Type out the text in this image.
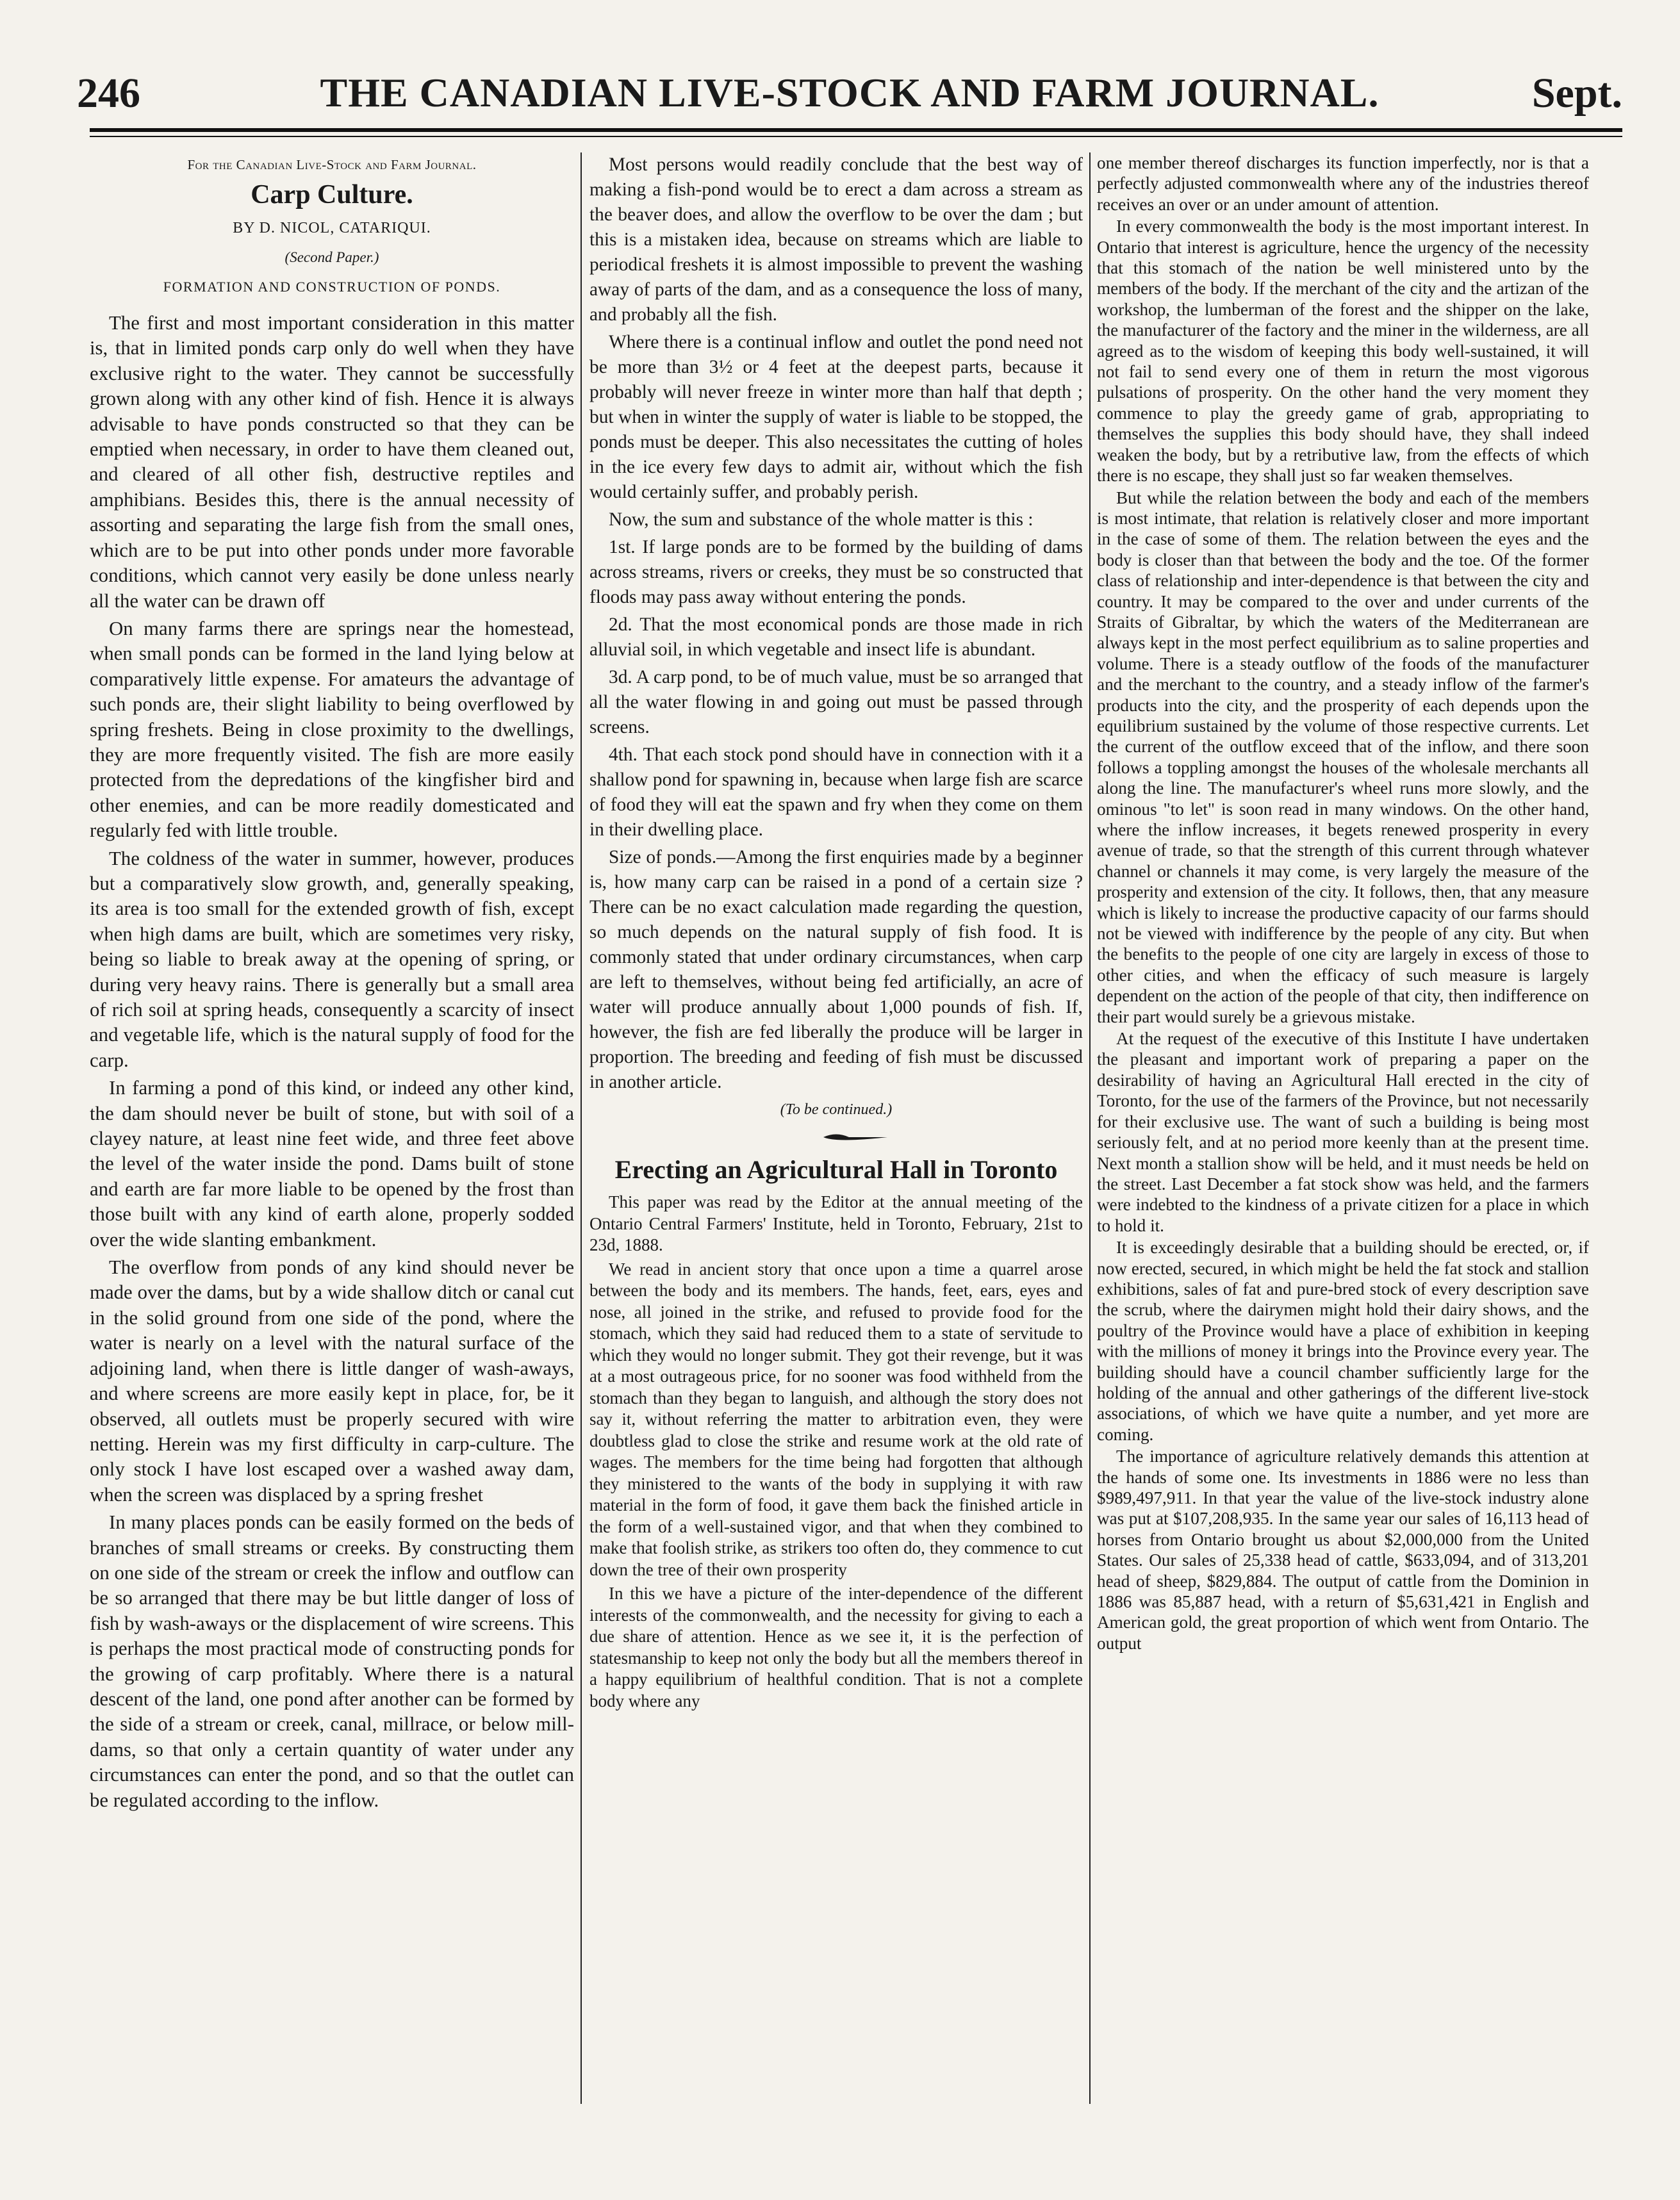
246	THE CANADIAN LIVE-STOCK AND FARM JOURNAL.	Sept.
For the Canadian Live-Stock and Farm Journal.
Carp Culture.
BY D. NICOL, CATARIQUI.
(Second Paper.)
FORMATION AND CONSTRUCTION OF PONDS.

The first and most important consideration in this matter is, that in limited ponds carp only do well when they have exclusive right to the water. They cannot be successfully grown along with any other kind of fish. Hence it is always advisable to have ponds constructed so that they can be emptied when necessary, in order to have them cleaned out, and cleared of all other fish, destructive reptiles and amphibians. Besides this, there is the annual necessity of assorting and separating the large fish from the small ones, which are to be put into other ponds under more favorable conditions, which cannot very easily be done unless nearly all the water can be drawn off

On many farms there are springs near the homestead, when small ponds can be formed in the land lying below at comparatively little expense. For amateurs the advantage of such ponds are, their slight liability to being overflowed by spring freshets. Being in close proximity to the dwellings, they are more frequently visited. The fish are more easily protected from the depredations of the kingfisher bird and other enemies, and can be more readily domesticated and regularly fed with little trouble.

The coldness of the water in summer, however, produces but a comparatively slow growth, and, generally speaking, its area is too small for the extended growth of fish, except when high dams are built, which are sometimes very risky, being so liable to break away at the opening of spring, or during very heavy rains. There is generally but a small area of rich soil at spring heads, consequently a scarcity of insect and vegetable life, which is the natural supply of food for the carp.

In farming a pond of this kind, or indeed any other kind, the dam should never be built of stone, but with soil of a clayey nature, at least nine feet wide, and three feet above the level of the water inside the pond. Dams built of stone and earth are far more liable to be opened by the frost than those built with any kind of earth alone, properly sodded over the wide slanting embankment.

The overflow from ponds of any kind should never be made over the dams, but by a wide shallow ditch or canal cut in the solid ground from one side of the pond, where the water is nearly on a level with the natural surface of the adjoining land, when there is little danger of wash-aways, and where screens are more easily kept in place, for, be it observed, all outlets must be properly secured with wire netting. Herein was my first difficulty in carp-culture. The only stock I have lost escaped over a washed away dam, when the screen was displaced by a spring freshet

In many places ponds can be easily formed on the beds of branches of small streams or creeks. By constructing them on one side of the stream or creek the inflow and outflow can be so arranged that there may be but little danger of loss of fish by wash-aways or the displacement of wire screens. This is perhaps the most practical mode of constructing ponds for the growing of carp profitably. Where there is a natural descent of the land, one pond after another can be formed by the side of a stream or creek, canal, millrace, or below mill-dams, so that only a certain quantity of water under any circumstances can enter the pond, and so that the outlet can be regulated according to the inflow.

Most persons would readily conclude that the best way of making a fish-pond would be to erect a dam across a stream as the beaver does, and allow the overflow to be over the dam ; but this is a mistaken idea, because on streams which are liable to periodical freshets it is almost impossible to prevent the washing away of parts of the dam, and as a consequence the loss of many, and probably all the fish.

Where there is a continual inflow and outlet the pond need not be more than 3½ or 4 feet at the deepest parts, because it probably will never freeze in winter more than half that depth ; but when in winter the supply of water is liable to be stopped, the ponds must be deeper. This also necessitates the cutting of holes in the ice every few days to admit air, without which the fish would certainly suffer, and probably perish.

Now, the sum and substance of the whole matter is this :

1st. If large ponds are to be formed by the building of dams across streams, rivers or creeks, they must be so constructed that floods may pass away without entering the ponds.

2d. That the most economical ponds are those made in rich alluvial soil, in which vegetable and insect life is abundant.

3d. A carp pond, to be of much value, must be so arranged that all the water flowing in and going out must be passed through screens.

4th. That each stock pond should have in connection with it a shallow pond for spawning in, because when large fish are scarce of food they will eat the spawn and fry when they come on them in their dwelling place.

Size of ponds.—Among the first enquiries made by a beginner is, how many carp can be raised in a pond of a certain size ? There can be no exact calculation made regarding the question, so much depends on the natural supply of fish food. It is commonly stated that under ordinary circumstances, when carp are left to themselves, without being fed artificially, an acre of water will produce annually about 1,000 pounds of fish. If, however, the fish are fed liberally the produce will be larger in proportion. The breeding and feeding of fish must be discussed in another article.

(To be continued.)
Erecting an Agricultural Hall in Toronto

This paper was read by the Editor at the annual meeting of the Ontario Central Farmers' Institute, held in Toronto, February, 21st to 23d, 1888.

We read in ancient story that once upon a time a quarrel arose between the body and its members. The hands, feet, ears, eyes and nose, all joined in the strike, and refused to provide food for the stomach, which they said had reduced them to a state of servitude to which they would no longer submit. They got their revenge, but it was at a most outrageous price, for no sooner was food withheld from the stomach than they began to languish, and although the story does not say it, without referring the matter to arbitration even, they were doubtless glad to close the strike and resume work at the old rate of wages. The members for the time being had forgotten that although they ministered to the wants of the body in supplying it with raw material in the form of food, it gave them back the finished article in the form of a well-sustained vigor, and that when they combined to make that foolish strike, as strikers too often do, they commence to cut down the tree of their own prosperity

In this we have a picture of the inter-dependence of the different interests of the commonwealth, and the necessity for giving to each a due share of attention. Hence as we see it, it is the perfection of statesmanship to keep not only the body but all the members thereof in a happy equilibrium of healthful condition. That is not a complete body where any

one member thereof discharges its function imperfectly, nor is that a perfectly adjusted commonwealth where any of the industries thereof receives an over or an under amount of attention.

In every commonwealth the body is the most important interest. In Ontario that interest is agriculture, hence the urgency of the necessity that this stomach of the nation be well ministered unto by the members of the body. If the merchant of the city and the artizan of the workshop, the lumberman of the forest and the shipper on the lake, the manufacturer of the factory and the miner in the wilderness, are all agreed as to the wisdom of keeping this body well-sustained, it will not fail to send every one of them in return the most vigorous pulsations of prosperity. On the other hand the very moment they commence to play the greedy game of grab, appropriating to themselves the supplies this body should have, they shall indeed weaken the body, but by a retributive law, from the effects of which there is no escape, they shall just so far weaken themselves.

But while the relation between the body and each of the members is most intimate, that relation is relatively closer and more important in the case of some of them. The relation between the eyes and the body is closer than that between the body and the toe. Of the former class of relationship and inter-dependence is that between the city and country. It may be compared to the over and under currents of the Straits of Gibraltar, by which the waters of the Mediterranean are always kept in the most perfect equilibrium as to saline properties and volume. There is a steady outflow of the foods of the manufacturer and the merchant to the country, and a steady inflow of the farmer's products into the city, and the prosperity of each depends upon the equilibrium sustained by the volume of those respective currents. Let the current of the outflow exceed that of the inflow, and there soon follows a toppling amongst the houses of the wholesale merchants all along the line. The manufacturer's wheel runs more slowly, and the ominous "to let" is soon read in many windows. On the other hand, where the inflow increases, it begets renewed prosperity in every avenue of trade, so that the strength of this current through whatever channel or channels it may come, is very largely the measure of the prosperity and extension of the city. It follows, then, that any measure which is likely to increase the productive capacity of our farms should not be viewed with indifference by the people of any city. But when the benefits to the people of one city are largely in excess of those to other cities, and when the efficacy of such measure is largely dependent on the action of the people of that city, then indifference on their part would surely be a grievous mistake.

At the request of the executive of this Institute I have undertaken the pleasant and important work of preparing a paper on the desirability of having an Agricultural Hall erected in the city of Toronto, for the use of the farmers of the Province, but not necessarily for their exclusive use. The want of such a building is being most seriously felt, and at no period more keenly than at the present time. Next month a stallion show will be held, and it must needs be held on the street. Last December a fat stock show was held, and the farmers were indebted to the kindness of a private citizen for a place in which to hold it.

It is exceedingly desirable that a building should be erected, or, if now erected, secured, in which might be held the fat stock and stallion exhibitions, sales of fat and pure-bred stock of every description save the scrub, where the dairymen might hold their dairy shows, and the poultry of the Province would have a place of exhibition in keeping with the millions of money it brings into the Province every year. The building should have a council chamber sufficiently large for the holding of the annual and other gatherings of the different live-stock associations, of which we have quite a number, and yet more are coming.

The importance of agriculture relatively demands this attention at the hands of some one. Its investments in 1886 were no less than $989,497,911. In that year the value of the live-stock industry alone was put at $107,208,935. In the same year our sales of 16,113 head of horses from Ontario brought us about $2,000,000 from the United States. Our sales of 25,338 head of cattle, $633,094, and of 313,201 head of sheep, $829,884. The output of cattle from the Dominion in 1886 was 85,887 head, with a return of $5,631,421 in English and American gold, the great proportion of which went from Ontario. The output
